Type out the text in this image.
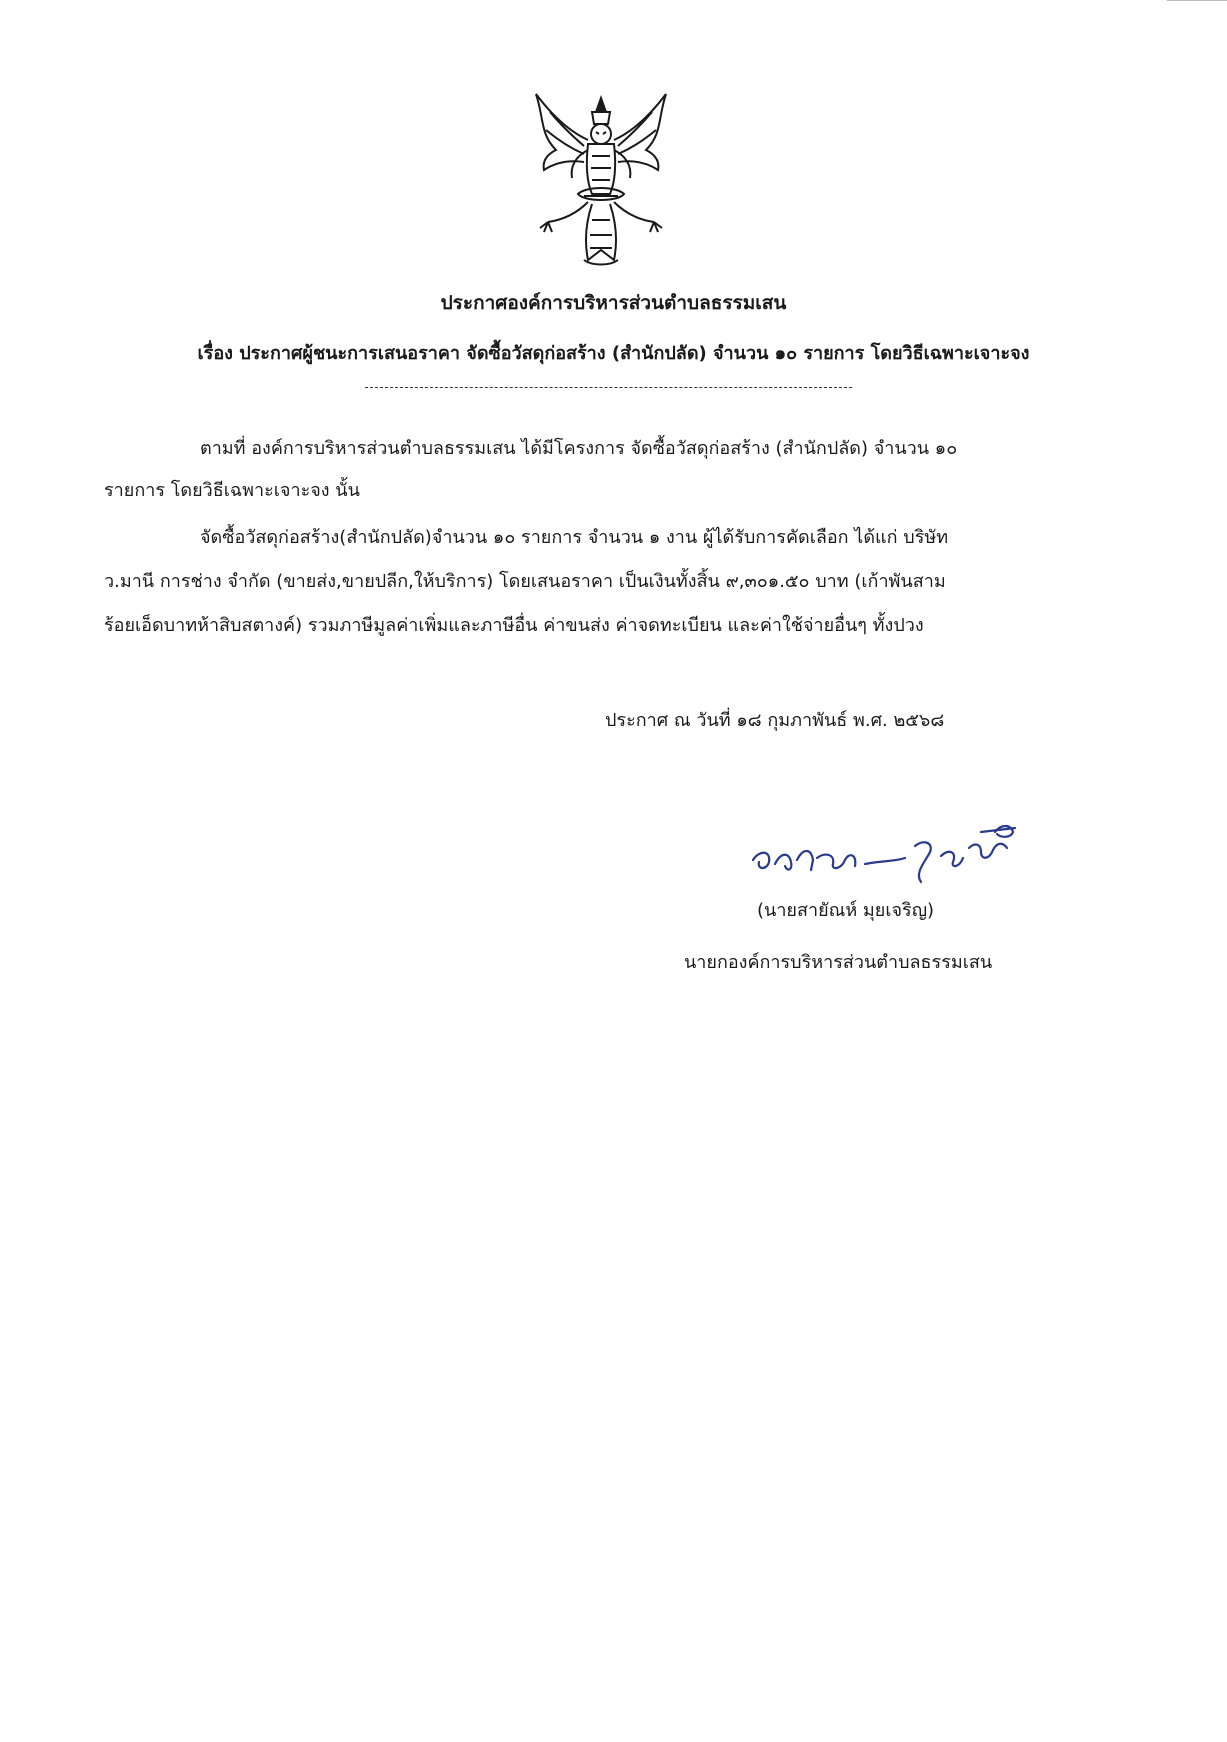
ประกาศองค์การบริหารส่วนตำบลธรรมเสน
เรื่อง ประกาศผู้ชนะการเสนอราคา จัดซื้อวัสดุก่อสร้าง (สำนักปลัด) จำนวน ๑๐ รายการ โดยวิธีเฉพาะเจาะจง
ตามที่ องค์การบริหารส่วนตำบลธรรมเสน ได้มีโครงการ จัดซื้อวัสดุก่อสร้าง (สำนักปลัด) จำนวน ๑๐
รายการ โดยวิธีเฉพาะเจาะจง นั้น
จัดซื้อวัสดุก่อสร้าง(สำนักปลัด)จำนวน ๑๐ รายการ จำนวน ๑ งาน ผู้ได้รับการคัดเลือก ได้แก่ บริษัท
ว.มานี การช่าง จำกัด (ขายส่ง,ขายปลีก,ให้บริการ) โดยเสนอราคา เป็นเงินทั้งสิ้น ๙,๓๐๑.๕๐ บาท (เก้าพันสาม
ร้อยเอ็ดบาทห้าสิบสตางค์) รวมภาษีมูลค่าเพิ่มและภาษีอื่น ค่าขนส่ง ค่าจดทะเบียน และค่าใช้จ่ายอื่นๆ ทั้งปวง
ประกาศ ณ วันที่ ๑๘ กุมภาพันธ์ พ.ศ. ๒๕๖๘
(นายสายัณห์ มุยเจริญ)
นายกองค์การบริหารส่วนตำบลธรรมเสน
